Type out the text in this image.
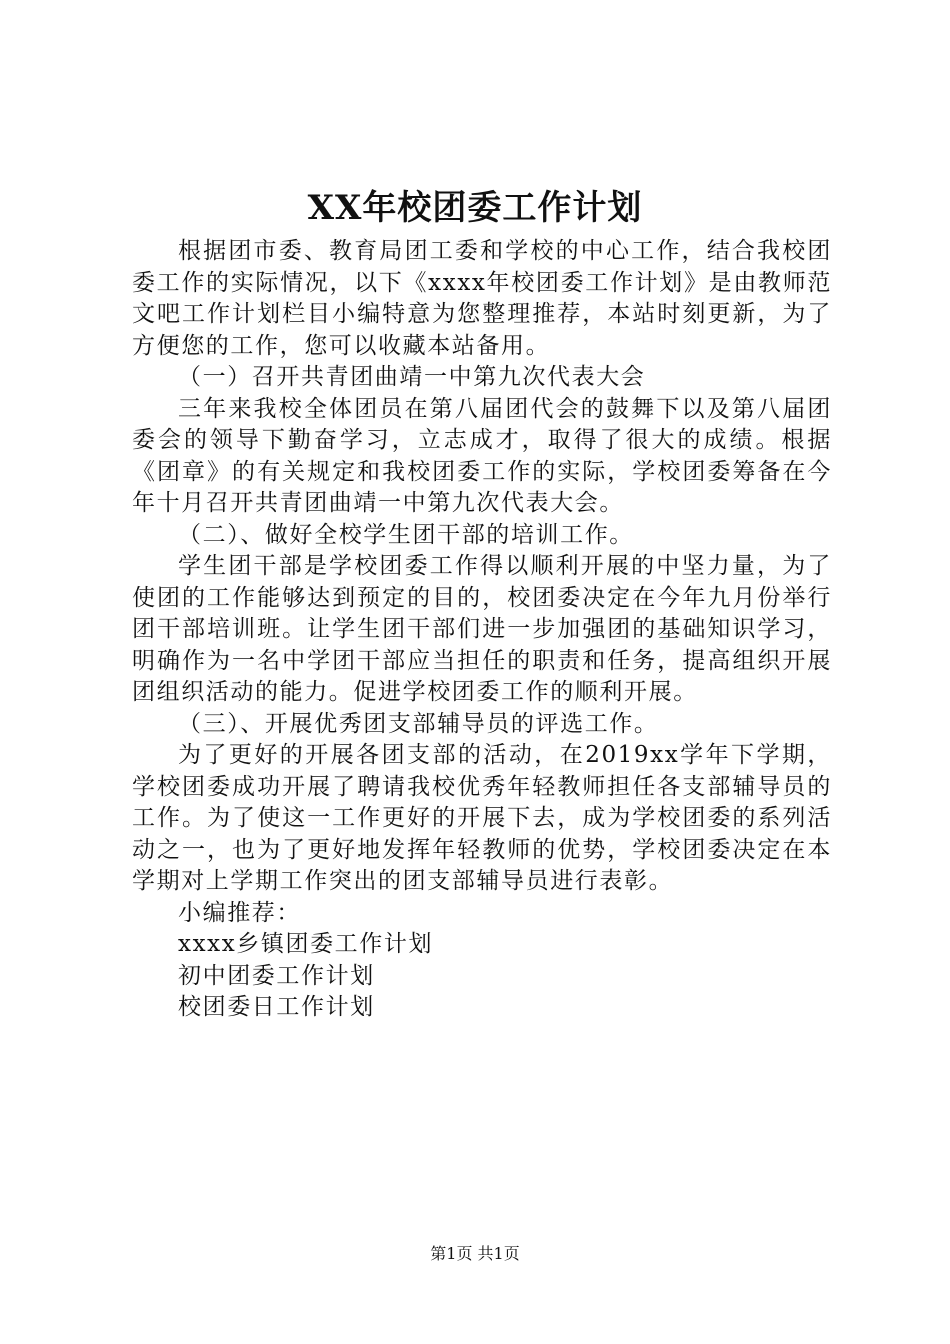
XX年校团委工作计划

根据团市委、教育局团工委和学校的中心工作，结合我校团委工作的实际情况，以下《xxxx年校团委工作计划》是由教师范文吧工作计划栏目小编特意为您整理推荐，本站时刻更新，为了方便您的工作，您可以收藏本站备用。

（一）召开共青团曲靖一中第九次代表大会

三年来我校全体团员在第八届团代会的鼓舞下以及第八届团委会的领导下勤奋学习，立志成才，取得了很大的成绩。根据《团章》的有关规定和我校团委工作的实际，学校团委筹备在今年十月召开共青团曲靖一中第九次代表大会。

（二）、做好全校学生团干部的培训工作。

学生团干部是学校团委工作得以顺利开展的中坚力量，为了使团的工作能够达到预定的目的，校团委决定在今年九月份举行团干部培训班。让学生团干部们进一步加强团的基础知识学习，明确作为一名中学团干部应当担任的职责和任务，提高组织开展团组织活动的能力。促进学校团委工作的顺利开展。

（三）、开展优秀团支部辅导员的评选工作。

为了更好的开展各团支部的活动，在2019xx学年下学期，学校团委成功开展了聘请我校优秀年轻教师担任各支部辅导员的工作。为了使这一工作更好的开展下去，成为学校团委的系列活动之一，也为了更好地发挥年轻教师的优势，学校团委决定在本学期对上学期工作突出的团支部辅导员进行表彰。

小编推荐：

xxxx乡镇团委工作计划
初中团委工作计划
校团委日工作计划
第1页 共1页
